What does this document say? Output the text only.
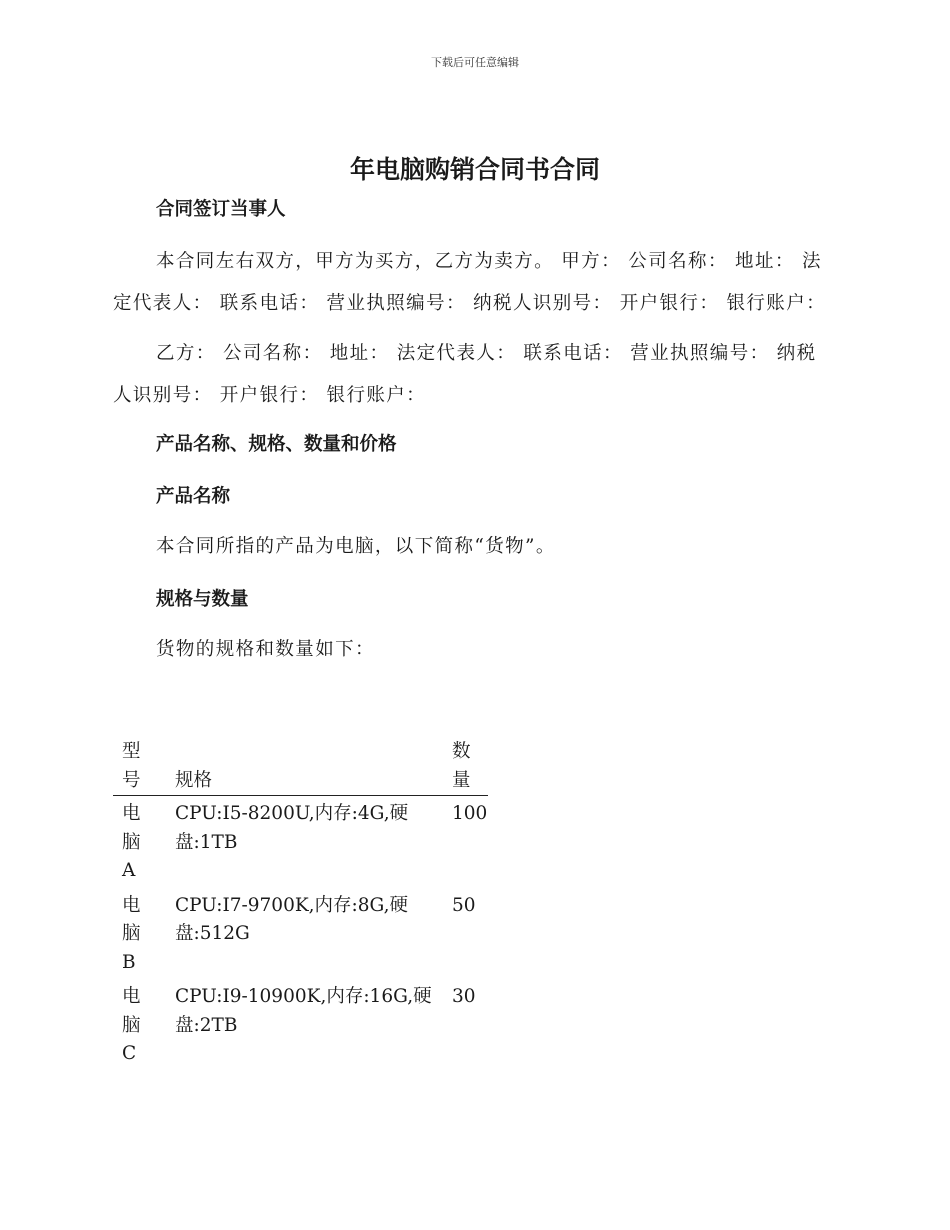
下载后可任意编辑
年电脑购销合同书合同

合同签订当事人

本合同左右双方，甲方为买方，乙方为卖方。 甲方： 公司名称： 地址： 法定代表人： 联系电话： 营业执照编号： 纳税人识别号： 开户银行： 银行账户：

乙方： 公司名称： 地址： 法定代表人： 联系电话： 营业执照编号： 纳税人识别号： 开户银行： 银行账户：

产品名称、规格、数量和价格

产品名称

本合同所指的产品为电脑，以下简称“货物”。

规格与数量

货物的规格和数量如下：

型号	规格	数量

电脑A	CPU:I5-8200U,内存:4G,硬盘:1TB	100

电脑B	CPU:I7-9700K,内存:8G,硬盘:512G	50

电脑C	CPU:I9-10900K,内存:16G,硬盘:2TB	30
